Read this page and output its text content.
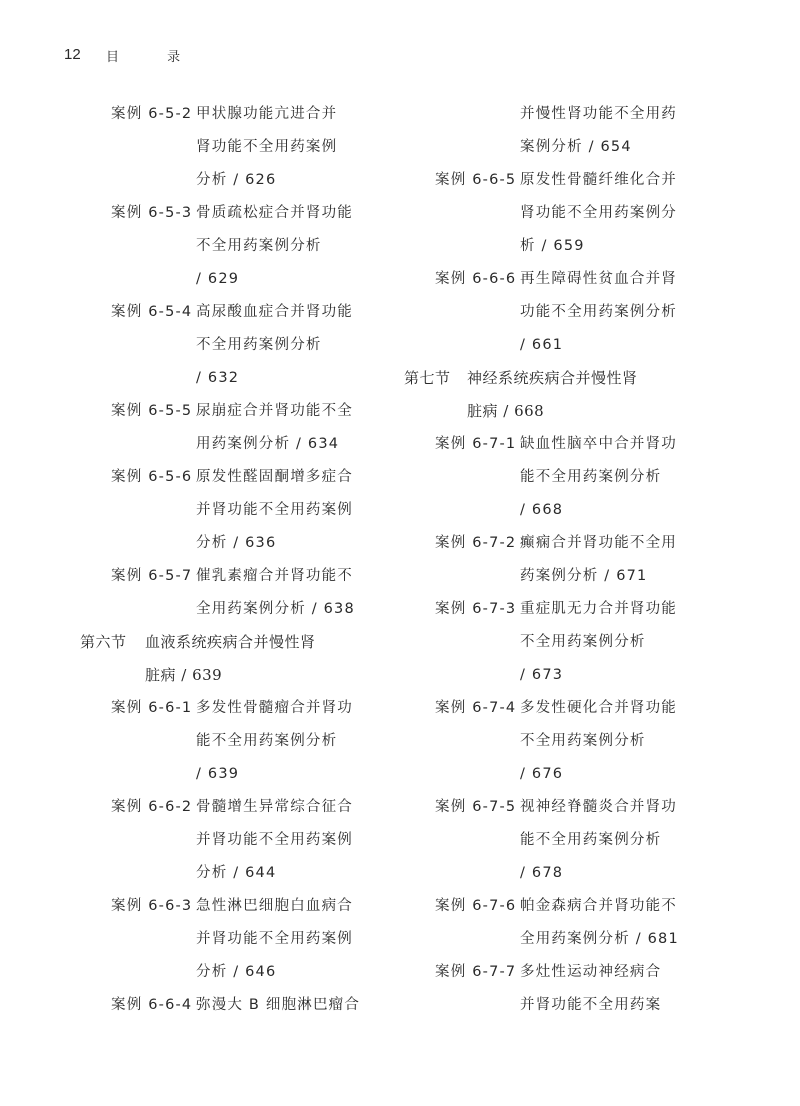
12 目 录
案例 6-5-2 甲状腺功能亢进合并
肾功能不全用药案例
分析 / 626
案例 6-5-3 骨质疏松症合并肾功能
不全用药案例分析
/ 629
案例 6-5-4 高尿酸血症合并肾功能
不全用药案例分析
/ 632
案例 6-5-5 尿崩症合并肾功能不全
用药案例分析 / 634
案例 6-5-6 原发性醛固酮增多症合
并肾功能不全用药案例
分析 / 636
案例 6-5-7 催乳素瘤合并肾功能不
全用药案例分析 / 638
第六节 血液系统疾病合并慢性肾
脏病 / 639
案例 6-6-1 多发性骨髓瘤合并肾功
能不全用药案例分析
/ 639
案例 6-6-2 骨髓增生异常综合征合
并肾功能不全用药案例
分析 / 644
案例 6-6-3 急性淋巴细胞白血病合
并肾功能不全用药案例
分析 / 646
案例 6-6-4 弥漫大 B 细胞淋巴瘤合
并慢性肾功能不全用药
案例分析 / 654
案例 6-6-5 原发性骨髓纤维化合并
肾功能不全用药案例分
析 / 659
案例 6-6-6 再生障碍性贫血合并肾
功能不全用药案例分析
/ 661
第七节 神经系统疾病合并慢性肾
脏病 / 668
案例 6-7-1 缺血性脑卒中合并肾功
能不全用药案例分析
/ 668
案例 6-7-2 癫痫合并肾功能不全用
药案例分析 / 671
案例 6-7-3 重症肌无力合并肾功能
不全用药案例分析
/ 673
案例 6-7-4 多发性硬化合并肾功能
不全用药案例分析
/ 676
案例 6-7-5 视神经脊髓炎合并肾功
能不全用药案例分析
/ 678
案例 6-7-6 帕金森病合并肾功能不
全用药案例分析 / 681
案例 6-7-7 多灶性运动神经病合
并肾功能不全用药案
